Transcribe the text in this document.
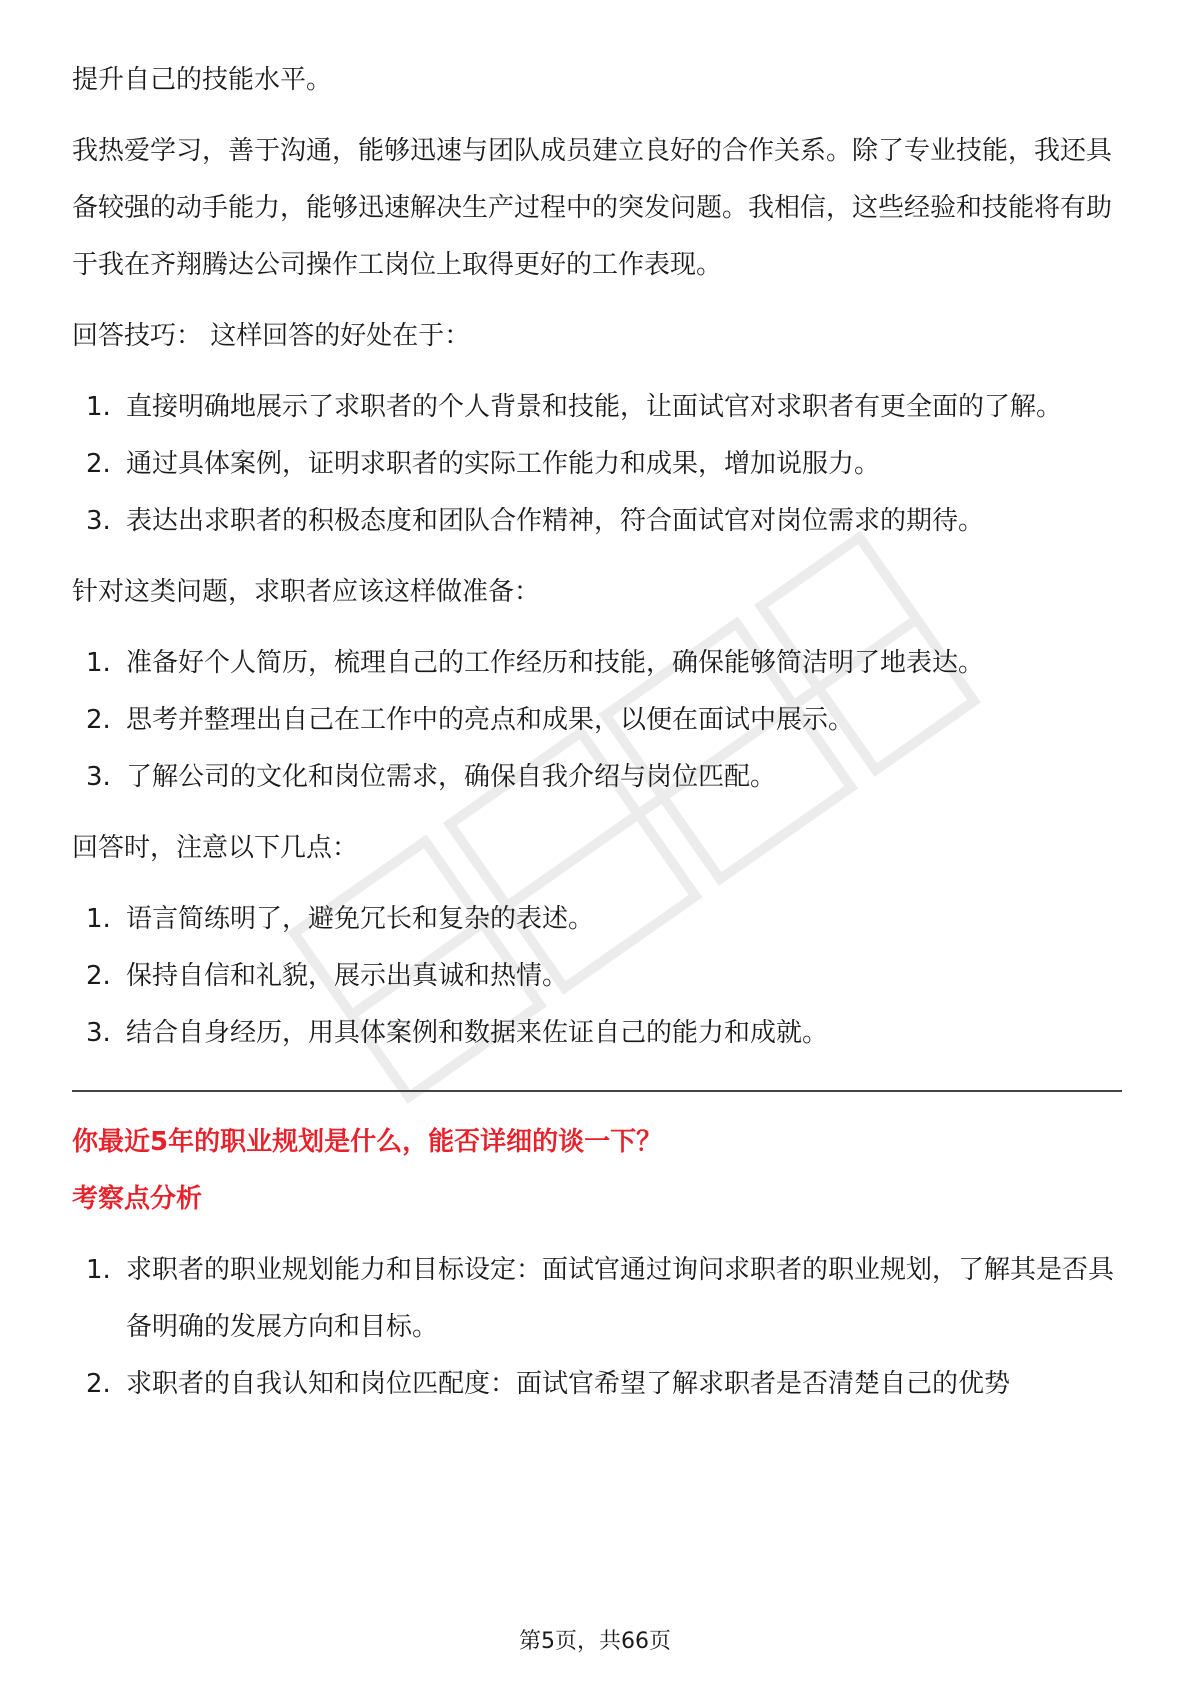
提升自己的技能水平。

我热爱学习，善于沟通，能够迅速与团队成员建立良好的合作关系。除了专业技能，我还具备较强的动手能力，能够迅速解决生产过程中的突发问题。我相信，这些经验和技能将有助于我在齐翔腾达公司操作工岗位上取得更好的工作表现。

回答技巧： 这样回答的好处在于：

1. 直接明确地展示了求职者的个人背景和技能，让面试官对求职者有更全面的了解。
2. 通过具体案例，证明求职者的实际工作能力和成果，增加说服力。
3. 表达出求职者的积极态度和团队合作精神，符合面试官对岗位需求的期待。

针对这类问题，求职者应该这样做准备：

1. 准备好个人简历，梳理自己的工作经历和技能，确保能够简洁明了地表达。
2. 思考并整理出自己在工作中的亮点和成果，以便在面试中展示。
3. 了解公司的文化和岗位需求，确保自我介绍与岗位匹配。

回答时，注意以下几点：

1. 语言简练明了，避免冗长和复杂的表述。
2. 保持自信和礼貌，展示出真诚和热情。
3. 结合自身经历，用具体案例和数据来佐证自己的能力和成就。

你最近5年的职业规划是什么，能否详细的谈一下？

考察点分析

1. 求职者的职业规划能力和目标设定：面试官通过询问求职者的职业规划，了解其是否具备明确的发展方向和目标。
2. 求职者的自我认知和岗位匹配度：面试官希望了解求职者是否清楚自己的优势
第5页，共66页
